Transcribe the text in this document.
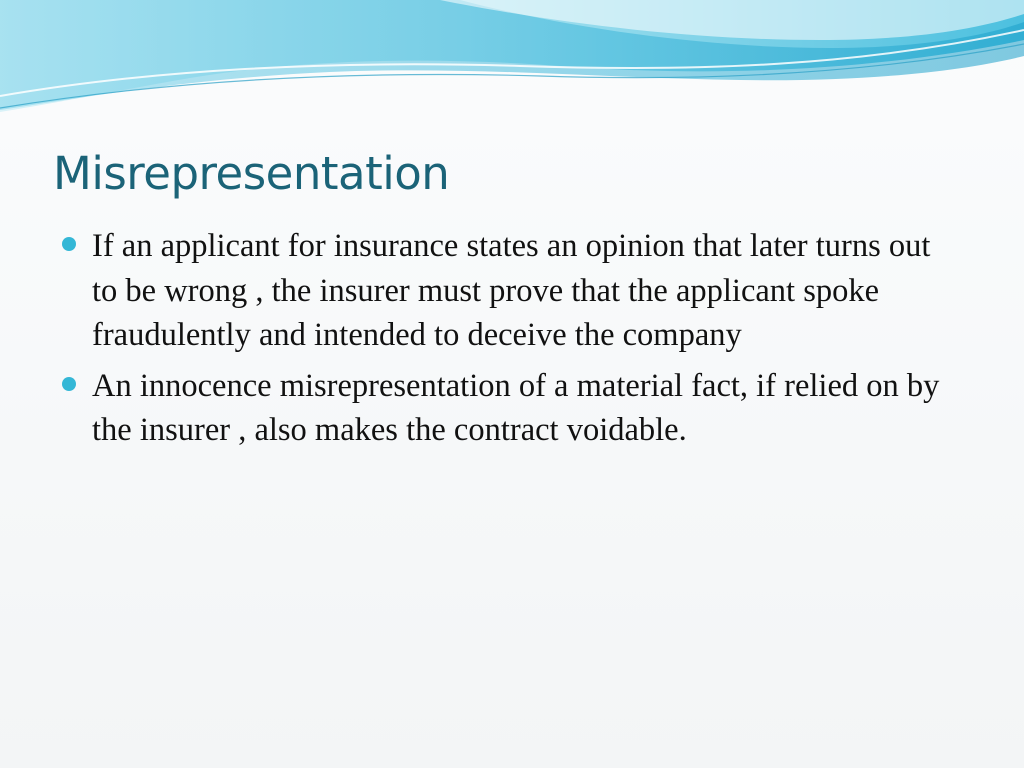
Misrepresentation
If an applicant for insurance states an opinion that later turns out to be wrong , the insurer must prove that the applicant spoke fraudulently and intended to deceive the company
An innocence misrepresentation of a material fact, if relied on by the insurer , also makes the contract voidable.
